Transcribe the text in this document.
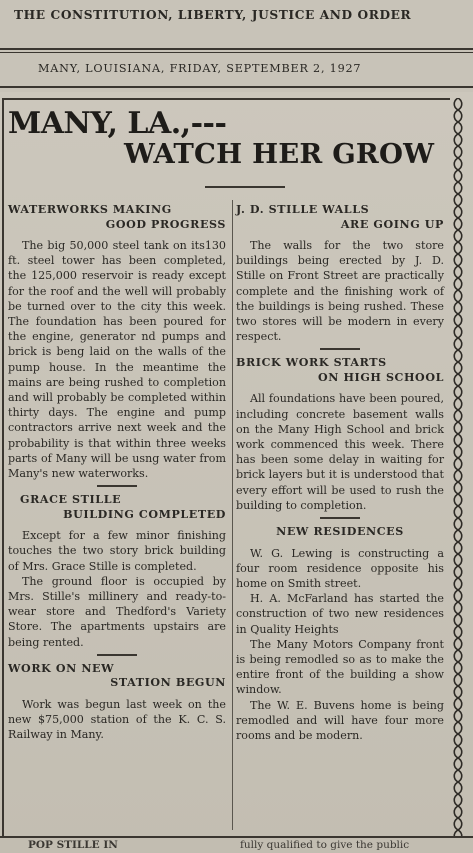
THE CONSTITUTION, LIBERTY, JUSTICE AND ORDER
MANY, LOUISIANA, FRIDAY, SEPTEMBER 2, 1927
MANY, LA.,---
WATCH HER GROW
WATERWORKS MAKING
GOOD PROGRESS

The big 50,000 steel tank on its130 ft. steel tower has been completed, the 125,000 reservoir is ready except for the roof and the well will probably be turned over to the city this week. The foundation has been poured for the engine, generator nd pumps and brick is beng laid on the walls of the pump house. In the meantime the mains are being rushed to completion and will probably be completed within thirty days. The engine and pump contractors arrive next week and the probability is that within three weeks parts of Many will be usng water from Many's new waterworks.

GRACE STILLE
BUILDING COMPLETED

Except for a few minor finishing touches the two story brick building of Mrs. Grace Stille is completed.

The ground floor is occupied by Mrs. Stille's millinery and ready-to-wear store and Thedford's Variety Store. The apartments upstairs are being rented.

WORK ON NEW
STATION BEGUN

Work was begun last week on the new $75,000 station of the K. C. S. Railway in Many.

J. D. STILLE WALLS
ARE GOING UP

The walls for the two store buildings being erected by J. D. Stille on Front Street are practically complete and the finishing work of the buildings is being rushed. These two stores will be modern in every respect.

BRICK WORK STARTS
ON HIGH SCHOOL

All foundations have been poured, including concrete basement walls on the Many High School and brick work commenced this week. There has been some delay in waiting for brick layers but it is understood that every effort will be used to rush the building to completion.

NEW RESIDENCES

W. G. Lewing is constructing a four room residence opposite his home on Smith street.

H. A. McFarland has started the construction of two new residences in Quality Heights

The Many Motors Company front is being remodled so as to make the entire front of the building a show window.

The W. E. Buvens home is being remodled and will have four more rooms and be modern.

POP STILLE IN	fully qualified to give the public
